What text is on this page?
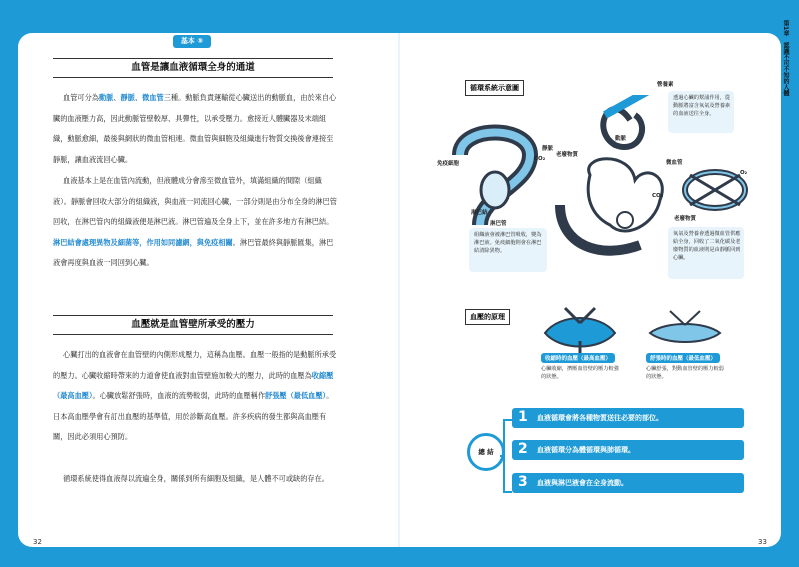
基本 ⑤
血管是讓血液循環全身的通道
血管可分為動脈、靜脈、微血管三種。動脈負責運輸從心臟送出的動脈血，由於來自心臟的血液壓力高，因此動脈管壁較厚、具彈性，以承受壓力。愈接近人體臟器及末端組織，動脈愈細，最後與網狀的微血管相連。微血管與細胞及組織進行物質交換後會連接至靜脈，讓血液流回心臟。
血液基本上是在血管內流動，但液體成分會滲至微血管外，填滿組織的間隙（組織液）。靜脈會回收大部分的組織液，與血液一同流回心臟，一部分則是由分布全身的淋巴管回收，在淋巴管內的組織液便是淋巴液。淋巴管遍及全身上下，並在許多地方有淋巴結。淋巴結會處理異物及細菌等，作用如同濾網，與免疫相關。淋巴管最終與靜脈匯集，淋巴液會再度與血液一同回到心臟。
血壓就是血管壁所承受的壓力
心臟打出的血液會在血管壁的內側形成壓力，這稱為血壓。血壓一般指的是動脈所承受的壓力。心臟收縮時帶來的力道會使血液對血管壁施加較大的壓力，此時的血壓為收縮壓（最高血壓）。心臟放鬆舒張時，血液的流勢較弱，此時的血壓稱作舒張壓（最低血壓）。日本高血壓學會有訂出血壓的基準值，用於診斷高血壓。許多疾病的發生都與高血壓有關，因此必須用心預防。
循環系統使得血液得以流遍全身，關係到所有細胞及組織，是人體不可或缺的存在。
32
第1章　認識不可不知的人體
循環系統示意圖
靜脈
老廢物質
CO₂
免疫細胞
淋巴結
淋巴管
組織液會被淋巴管吸收，變為淋巴液。免疫細胞則會在淋巴結清除異物。
營養素
動脈
透過心臟的幫浦作用，從動脈將富含氧氣及營養素的血液送往全身。
微血管
O₂
CO₂
老廢物質
氧氣及營養會透過微血管供應給全身，回收了二氧化碳及老廢物質的血液則是由靜脈回到心臟。
血壓的原理
收縮時的血壓（最高血壓）
心臟收縮，擠壓血管壁的壓力較強的狀態。
舒張時的血壓（最低血壓）
心臟舒張，對動血管壁的壓力較弱的狀態。
總 結
1 血液循環會將各種物質送往必要的部位。
2 血液循環分為體循環與肺循環。
3 血液與淋巴液會在全身流動。
33
